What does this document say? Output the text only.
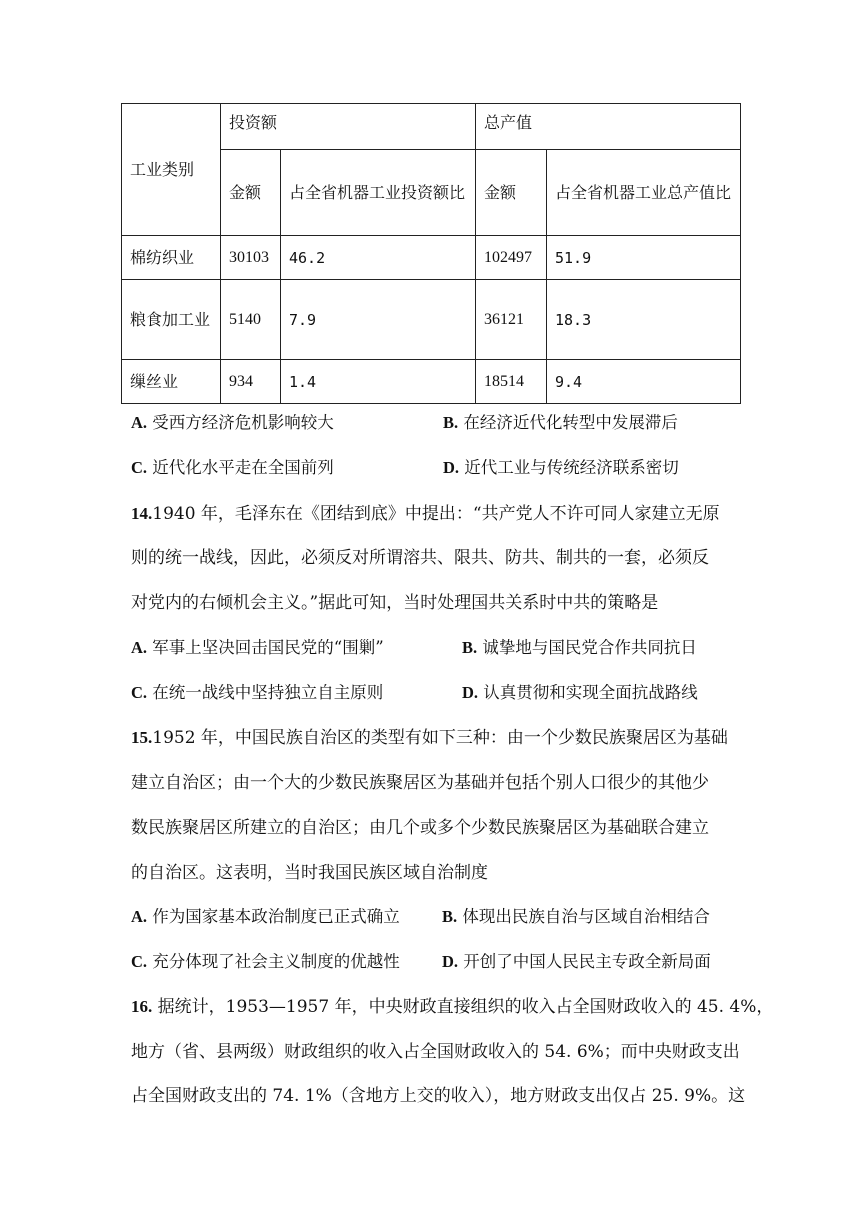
工业类别	投资额		总产值	
	金额	占全省机器工业投资额比	金额	占全省机器工业总产值比
棉纺织业	30103	46.2	102497	51.9
粮食加工业	5140	7.9	36121	18.3
缫丝业	934	1.4	18514	9.4
A. 受西方经济危机影响较大	B. 在经济近代化转型中发展滞后
C. 近代化水平走在全国前列	D. 近代工业与传统经济联系密切
14.1940 年，毛泽东在《团结到底》中提出：“共产党人不许可同人家建立无原
则的统一战线，因此，必须反对所谓溶共、限共、防共、制共的一套，必须反
对党内的右倾机会主义。”据此可知，当时处理国共关系时中共的策略是
A. 军事上坚决回击国民党的“围剿”	B. 诚挚地与国民党合作共同抗日
C. 在统一战线中坚持独立自主原则	D. 认真贯彻和实现全面抗战路线
15.1952 年，中国民族自治区的类型有如下三种：由一个少数民族聚居区为基础
建立自治区；由一个大的少数民族聚居区为基础并包括个别人口很少的其他少
数民族聚居区所建立的自治区；由几个或多个少数民族聚居区为基础联合建立
的自治区。这表明，当时我国民族区域自治制度
A. 作为国家基本政治制度已正式确立	B. 体现出民族自治与区域自治相结合
C. 充分体现了社会主义制度的优越性	D. 开创了中国人民民主专政全新局面
16. 据统计，1953—1957 年，中央财政直接组织的收入占全国财政收入的 45. 4%，
地方（省、县两级）财政组织的收入占全国财政收入的 54. 6%；而中央财政支出
占全国财政支出的 74. 1%（含地方上交的收入），地方财政支出仅占 25. 9%。这
